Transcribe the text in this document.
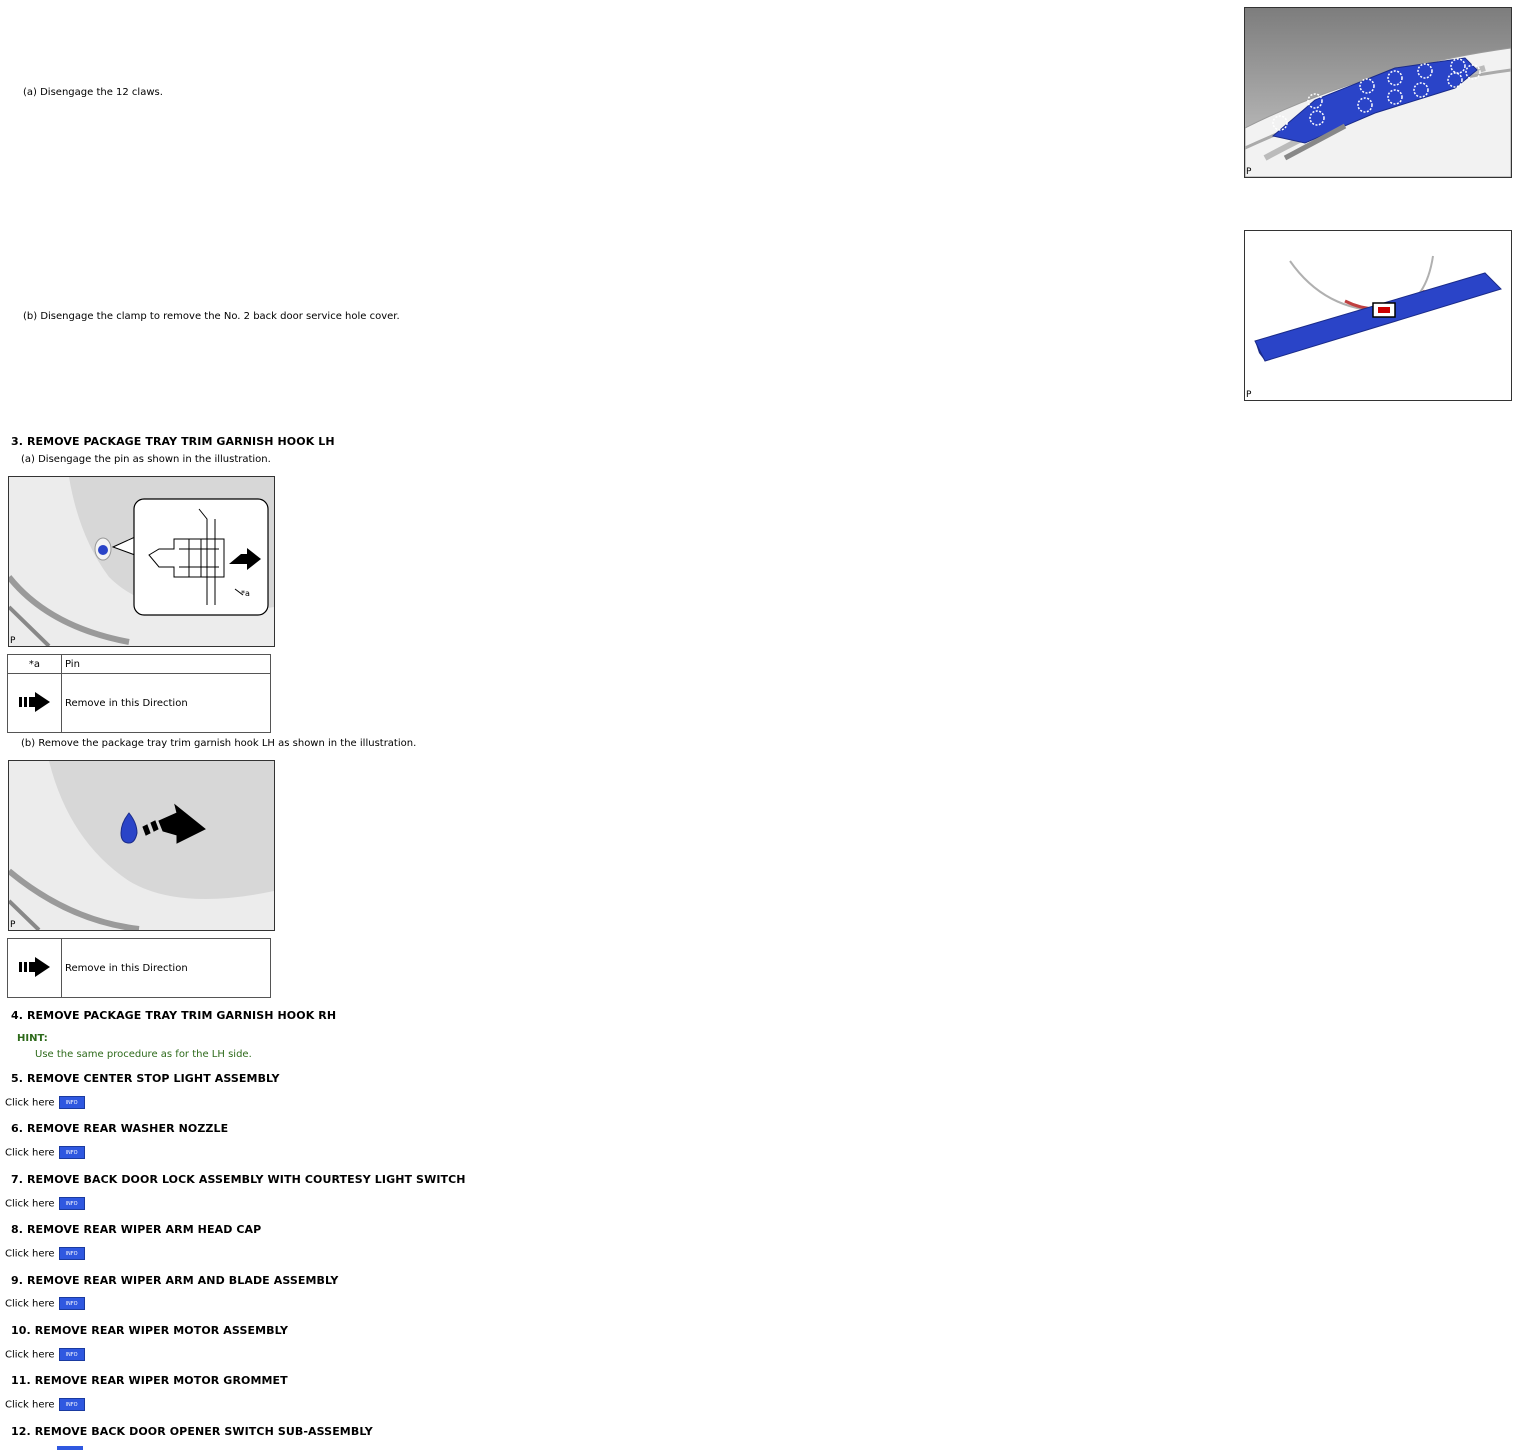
(a) Disengage the 12 claws.
P
(b) Disengage the clamp to remove the No. 2 back door service hole cover.
P
3. REMOVE PACKAGE TRAY TRIM GARNISH HOOK LH
(a) Disengage the pin as shown in the illustration.
*a
P
*a	Pin
	Remove in this Direction
(b) Remove the package tray trim garnish hook LH as shown in the illustration.
P
	Remove in this Direction
4. REMOVE PACKAGE TRAY TRIM GARNISH HOOK RH
HINT:
Use the same procedure as for the LH side.
5. REMOVE CENTER STOP LIGHT ASSEMBLY
Click here INFO
6. REMOVE REAR WASHER NOZZLE
Click here INFO
7. REMOVE BACK DOOR LOCK ASSEMBLY WITH COURTESY LIGHT SWITCH
Click here INFO
8. REMOVE REAR WIPER ARM HEAD CAP
Click here INFO
9. REMOVE REAR WIPER ARM AND BLADE ASSEMBLY
Click here INFO
10. REMOVE REAR WIPER MOTOR ASSEMBLY
Click here INFO
11. REMOVE REAR WIPER MOTOR GROMMET
Click here INFO
12. REMOVE BACK DOOR OPENER SWITCH SUB-ASSEMBLY
